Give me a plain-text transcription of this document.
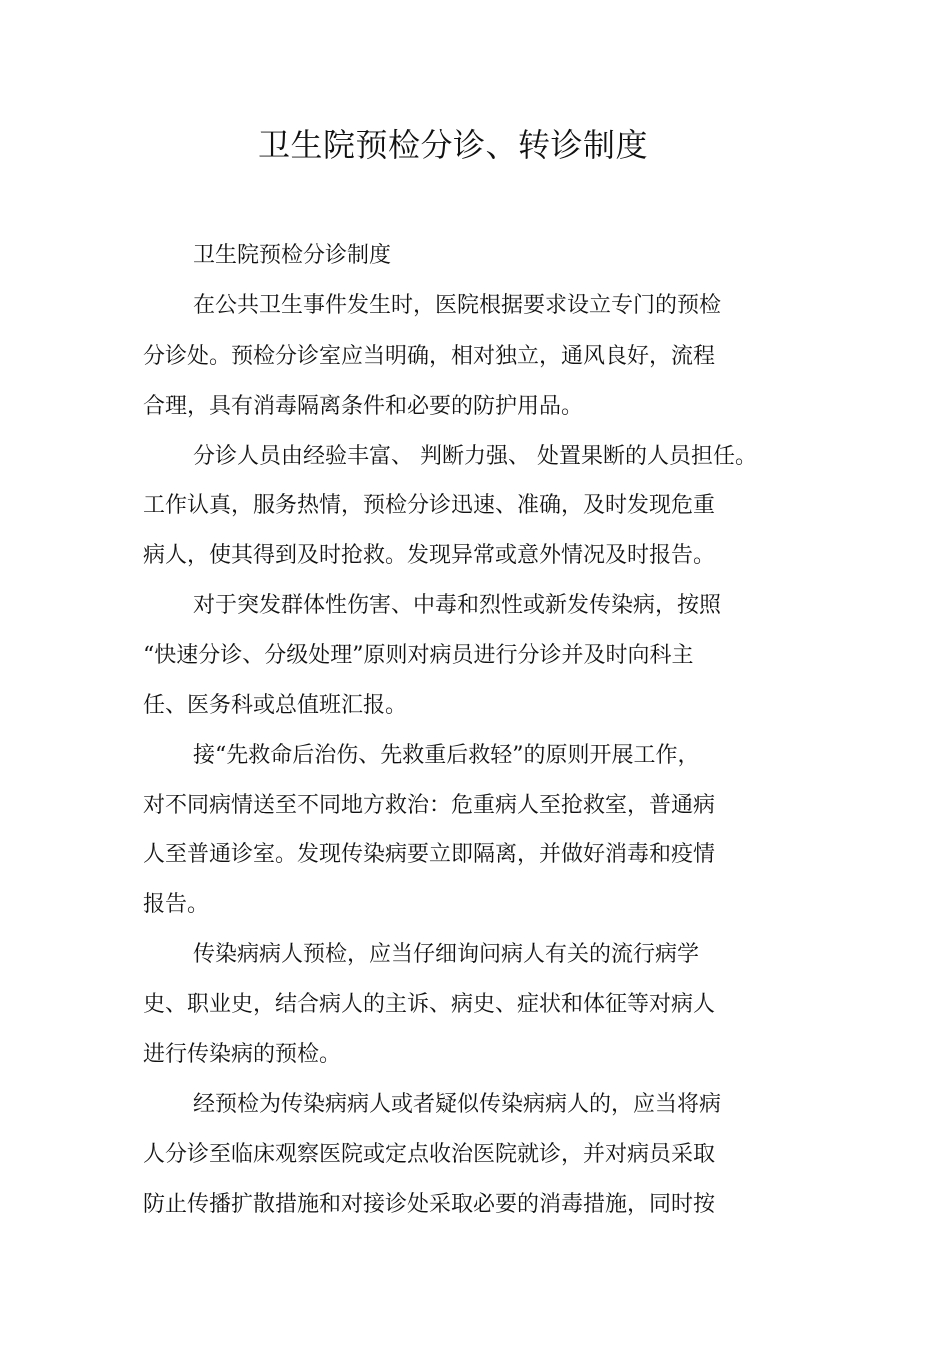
卫生院预检分诊、转诊制度

卫生院预检分诊制度

在公共卫生事件发生时，医院根据要求设立专门的预检

分诊处。预检分诊室应当明确，相对独立，通风良好，流程

合理，具有消毒隔离条件和必要的防护用品。

分诊人员由经验丰富、 判断力强、 处置果断的人员担任。

工作认真，服务热情，预检分诊迅速、准确，及时发现危重

病人，使其得到及时抢救。发现异常或意外情况及时报告。

对于突发群体性伤害、中毒和烈性或新发传染病，按照

“快速分诊、分级处理”原则对病员进行分诊并及时向科主

任、医务科或总值班汇报。

接“先救命后治伤、先救重后救轻”的原则开展工作，

对不同病情送至不同地方救治：危重病人至抢救室，普通病

人至普通诊室。发现传染病要立即隔离，并做好消毒和疫情

报告。

传染病病人预检，应当仔细询问病人有关的流行病学

史、职业史，结合病人的主诉、病史、症状和体征等对病人

进行传染病的预检。

经预检为传染病病人或者疑似传染病病人的，应当将病

人分诊至临床观察医院或定点收治医院就诊，并对病员采取

防止传播扩散措施和对接诊处采取必要的消毒措施，同时按
